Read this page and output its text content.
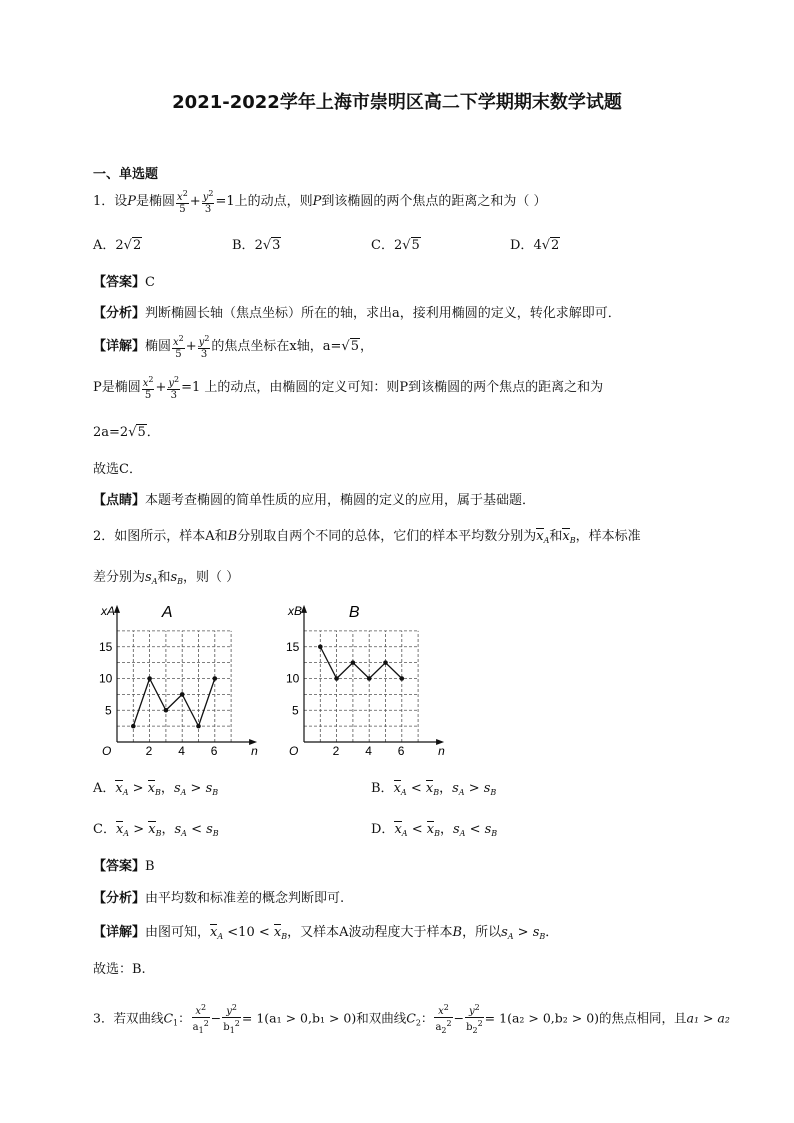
2021-2022学年上海市崇明区高二下学期期末数学试题
一、单选题
1．设P是椭圆 $\frac{x^2}{5} + \frac{y^2}{3} =1$上的动点，则P到该椭圆的两个焦点的距离之和为（ ）
A．2√2	B．2√3	C．2√5	D．4√2
【答案】C
【分析】判断椭圆长轴（焦点坐标）所在的轴，求出a，接利用椭圆的定义，转化求解即可．
【详解】椭圆 $\frac{x^2}{5} + \frac{y^2}{3}$ 的焦点坐标在x轴，a=√5，
P是椭圆 $\frac{x^2}{5} + \frac{y^2}{3} =1$ 上的动点，由椭圆的定义可知：则P到该椭圆的两个焦点的距离之和为
2a=2√5．
故选C．
【点睛】本题考查椭圆的简单性质的应用，椭圆的定义的应用，属于基础题．
2．如图所示，样本A和B分别取自两个不同的总体，它们的样本平均数分别为$x_A$和$x_B$，样本标准
差分别为$s_A$和$s_B$，则（ ）
xA	A
n
O	2 4 6
5
10
15
xB	B
n
O	2 4 6
5
10
15
A．$x_A > x_B$，$s_A > s_B$	B．$x_A < x_B$，$s_A > s_B$
C．$x_A > x_B$，$s_A < s_B$	D．$x_A < x_B$，$s_A < s_B$
【答案】B
【分析】由平均数和标准差的概念判断即可.
【详解】由图可知，$x_A <10 < x_B$，又样本A波动程度大于样本B，所以$s_A > s_B$．
故选：B.
3．若双曲线$C_1$： $\frac{x^2}{a_1^2} - \frac{y^2}{b_1^2} = 1(a_1 > 0,b_1 > 0)$和双曲线$C_2$： $\frac{x^2}{a_2^2} - \frac{y^2}{b_2^2} = 1(a_2 > 0,b_2 > 0)$的焦点相同，且a₁ > a₂
